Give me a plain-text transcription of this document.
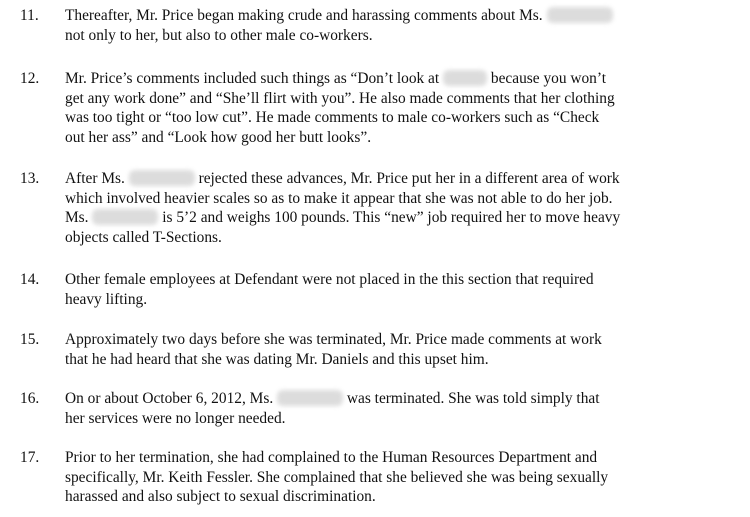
11. Thereafter, Mr. Price began making crude and harassing comments about Ms.
not only to her, but also to other male co-workers.
12. Mr. Price’s comments included such things as “Don’t look at	because you won’t
get any work done” and “She’ll flirt with you”. He also made comments that her clothing
was too tight or “too low cut”. He made comments to male co-workers such as “Check
out her ass” and “Look how good her butt looks”.
13. After Ms.	rejected these advances, Mr. Price put her in a different area of work
which involved heavier scales so as to make it appear that she was not able to do her job.
Ms.	is 5’2 and weighs 100 pounds. This “new” job required her to move heavy
objects called T-Sections.
14. Other female employees at Defendant were not placed in the this section that required
heavy lifting.
15. Approximately two days before she was terminated, Mr. Price made comments at work
that he had heard that she was dating Mr. Daniels and this upset him.
16. On or about October 6, 2012, Ms.	was terminated. She was told simply that
her services were no longer needed.
17. Prior to her termination, she had complained to the Human Resources Department and
specifically, Mr. Keith Fessler. She complained that she believed she was being sexually
harassed and also subject to sexual discrimination.
